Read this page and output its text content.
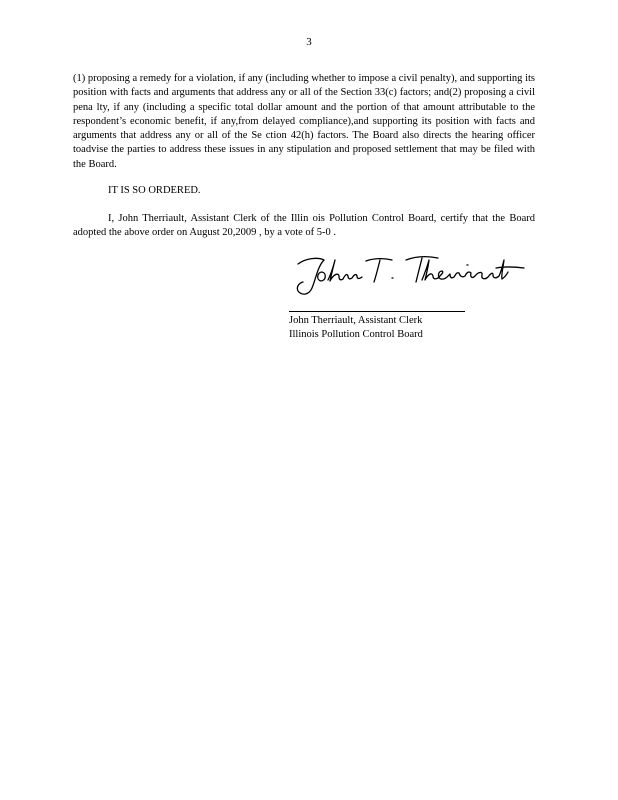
3

(1) proposing a remedy for a violation, if any (including whether to impose a civil penalty), and supporting its position with facts and arguments that address any or all of the Section 33(c) factors; and(2) proposing a civil pena lty, if any (including a specific total dollar amount and the portion of that amount attributable to the respondent’s economic benefit, if any,from delayed compliance),and supporting its position with facts and arguments that address any or all of the Se ction 42(h) factors. The Board also directs the hearing officer toadvise the parties to address these issues in any stipulation and proposed settlement that may be filed with the Board.

IT IS SO ORDERED.

I, John Therriault, Assistant Clerk of the Illin ois Pollution Control Board, certify that the Board adopted the above order on August 20,2009 , by a vote of 5-0 .

John Therriault, Assistant Clerk
Illinois Pollution Control Board
